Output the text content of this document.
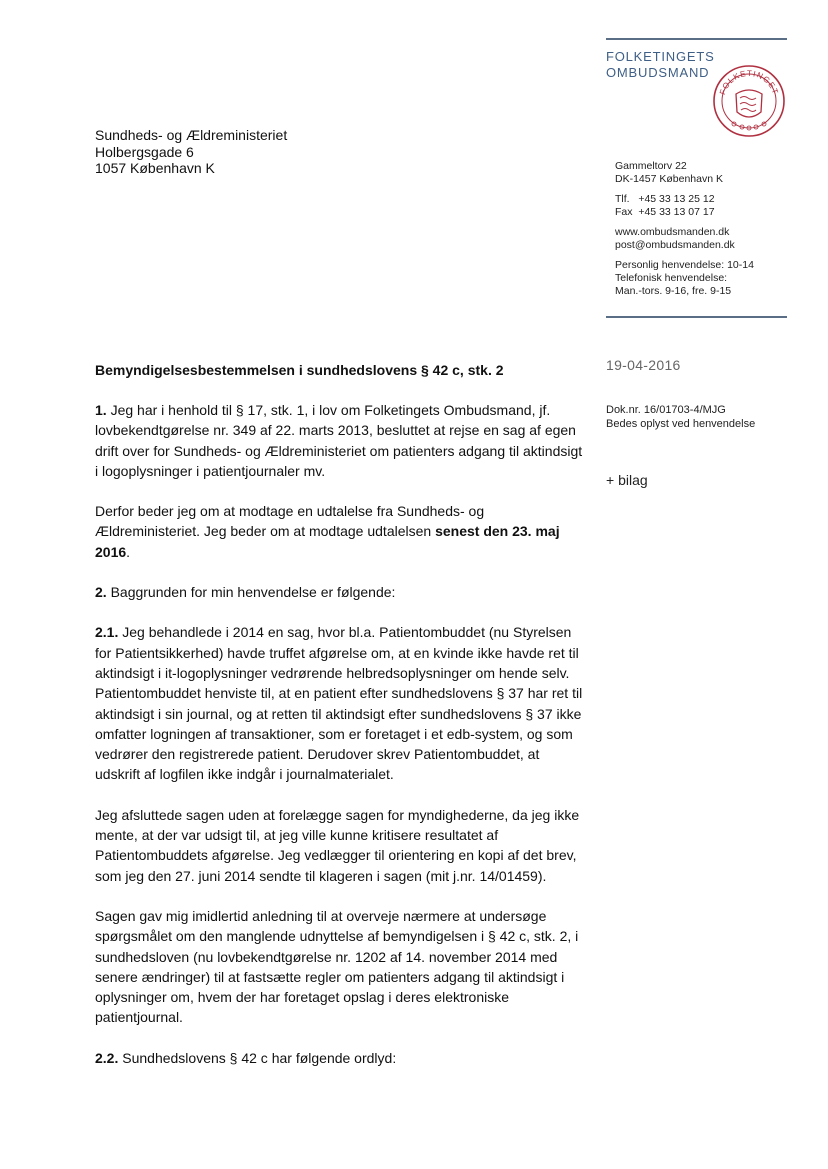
FOLKETINGETS
OMBUDSMAND
FOLKETINGET
Sundheds- og Ældreministeriet
Holbergsgade 6
1057 København K	Gammeltorv 22
DK-1457 København K
Tlf.   +45 33 13 25 12
Fax  +45 33 13 07 17
www.ombudsmanden.dk
post@ombudsmanden.dk
Personlig henvendelse: 10-14
Telefonisk henvendelse:
Man.-tors. 9-16, fre. 9-15
19-04-2016
Dok.nr. 16/01703-4/MJG
Bedes oplyst ved henvendelse
+ bilag
Bemyndigelsesbestemmelsen i sundhedslovens § 42 c, stk. 2

1. Jeg har i henhold til § 17, stk. 1, i lov om Folketingets Ombudsmand, jf. lovbekendtgørelse nr. 349 af 22. marts 2013, besluttet at rejse en sag af egen drift over for Sundheds- og Ældreministeriet om patienters adgang til aktindsigt i logoplysninger i patientjournaler mv.

Derfor beder jeg om at modtage en udtalelse fra Sundheds- og Ældreministeriet. Jeg beder om at modtage udtalelsen senest den 23. maj 2016.

2. Baggrunden for min henvendelse er følgende:

2.1. Jeg behandlede i 2014 en sag, hvor bl.a. Patientombuddet (nu Styrelsen for Patientsikkerhed) havde truffet afgørelse om, at en kvinde ikke havde ret til aktindsigt i it-logoplysninger vedrørende helbredsoplysninger om hende selv. Patientombuddet henviste til, at en patient efter sundhedslovens § 37 har ret til aktindsigt i sin journal, og at retten til aktindsigt efter sundhedslovens § 37 ikke omfatter logningen af transaktioner, som er foretaget i et edb-system, og som vedrører den registrerede patient. Derudover skrev Patientombuddet, at udskrift af logfilen ikke indgår i journalmaterialet.

Jeg afsluttede sagen uden at forelægge sagen for myndighederne, da jeg ikke mente, at der var udsigt til, at jeg ville kunne kritisere resultatet af Patientombuddets afgørelse. Jeg vedlægger til orientering en kopi af det brev, som jeg den 27. juni 2014 sendte til klageren i sagen (mit j.nr. 14/01459).

Sagen gav mig imidlertid anledning til at overveje nærmere at undersøge spørgsmålet om den manglende udnyttelse af bemyndigelsen i § 42 c, stk. 2, i sundhedsloven (nu lovbekendtgørelse nr. 1202 af 14. november 2014 med senere ændringer) til at fastsætte regler om patienters adgang til aktindsigt i oplysninger om, hvem der har foretaget opslag i deres elektroniske patientjournal.

2.2. Sundhedslovens § 42 c har følgende ordlyd:
